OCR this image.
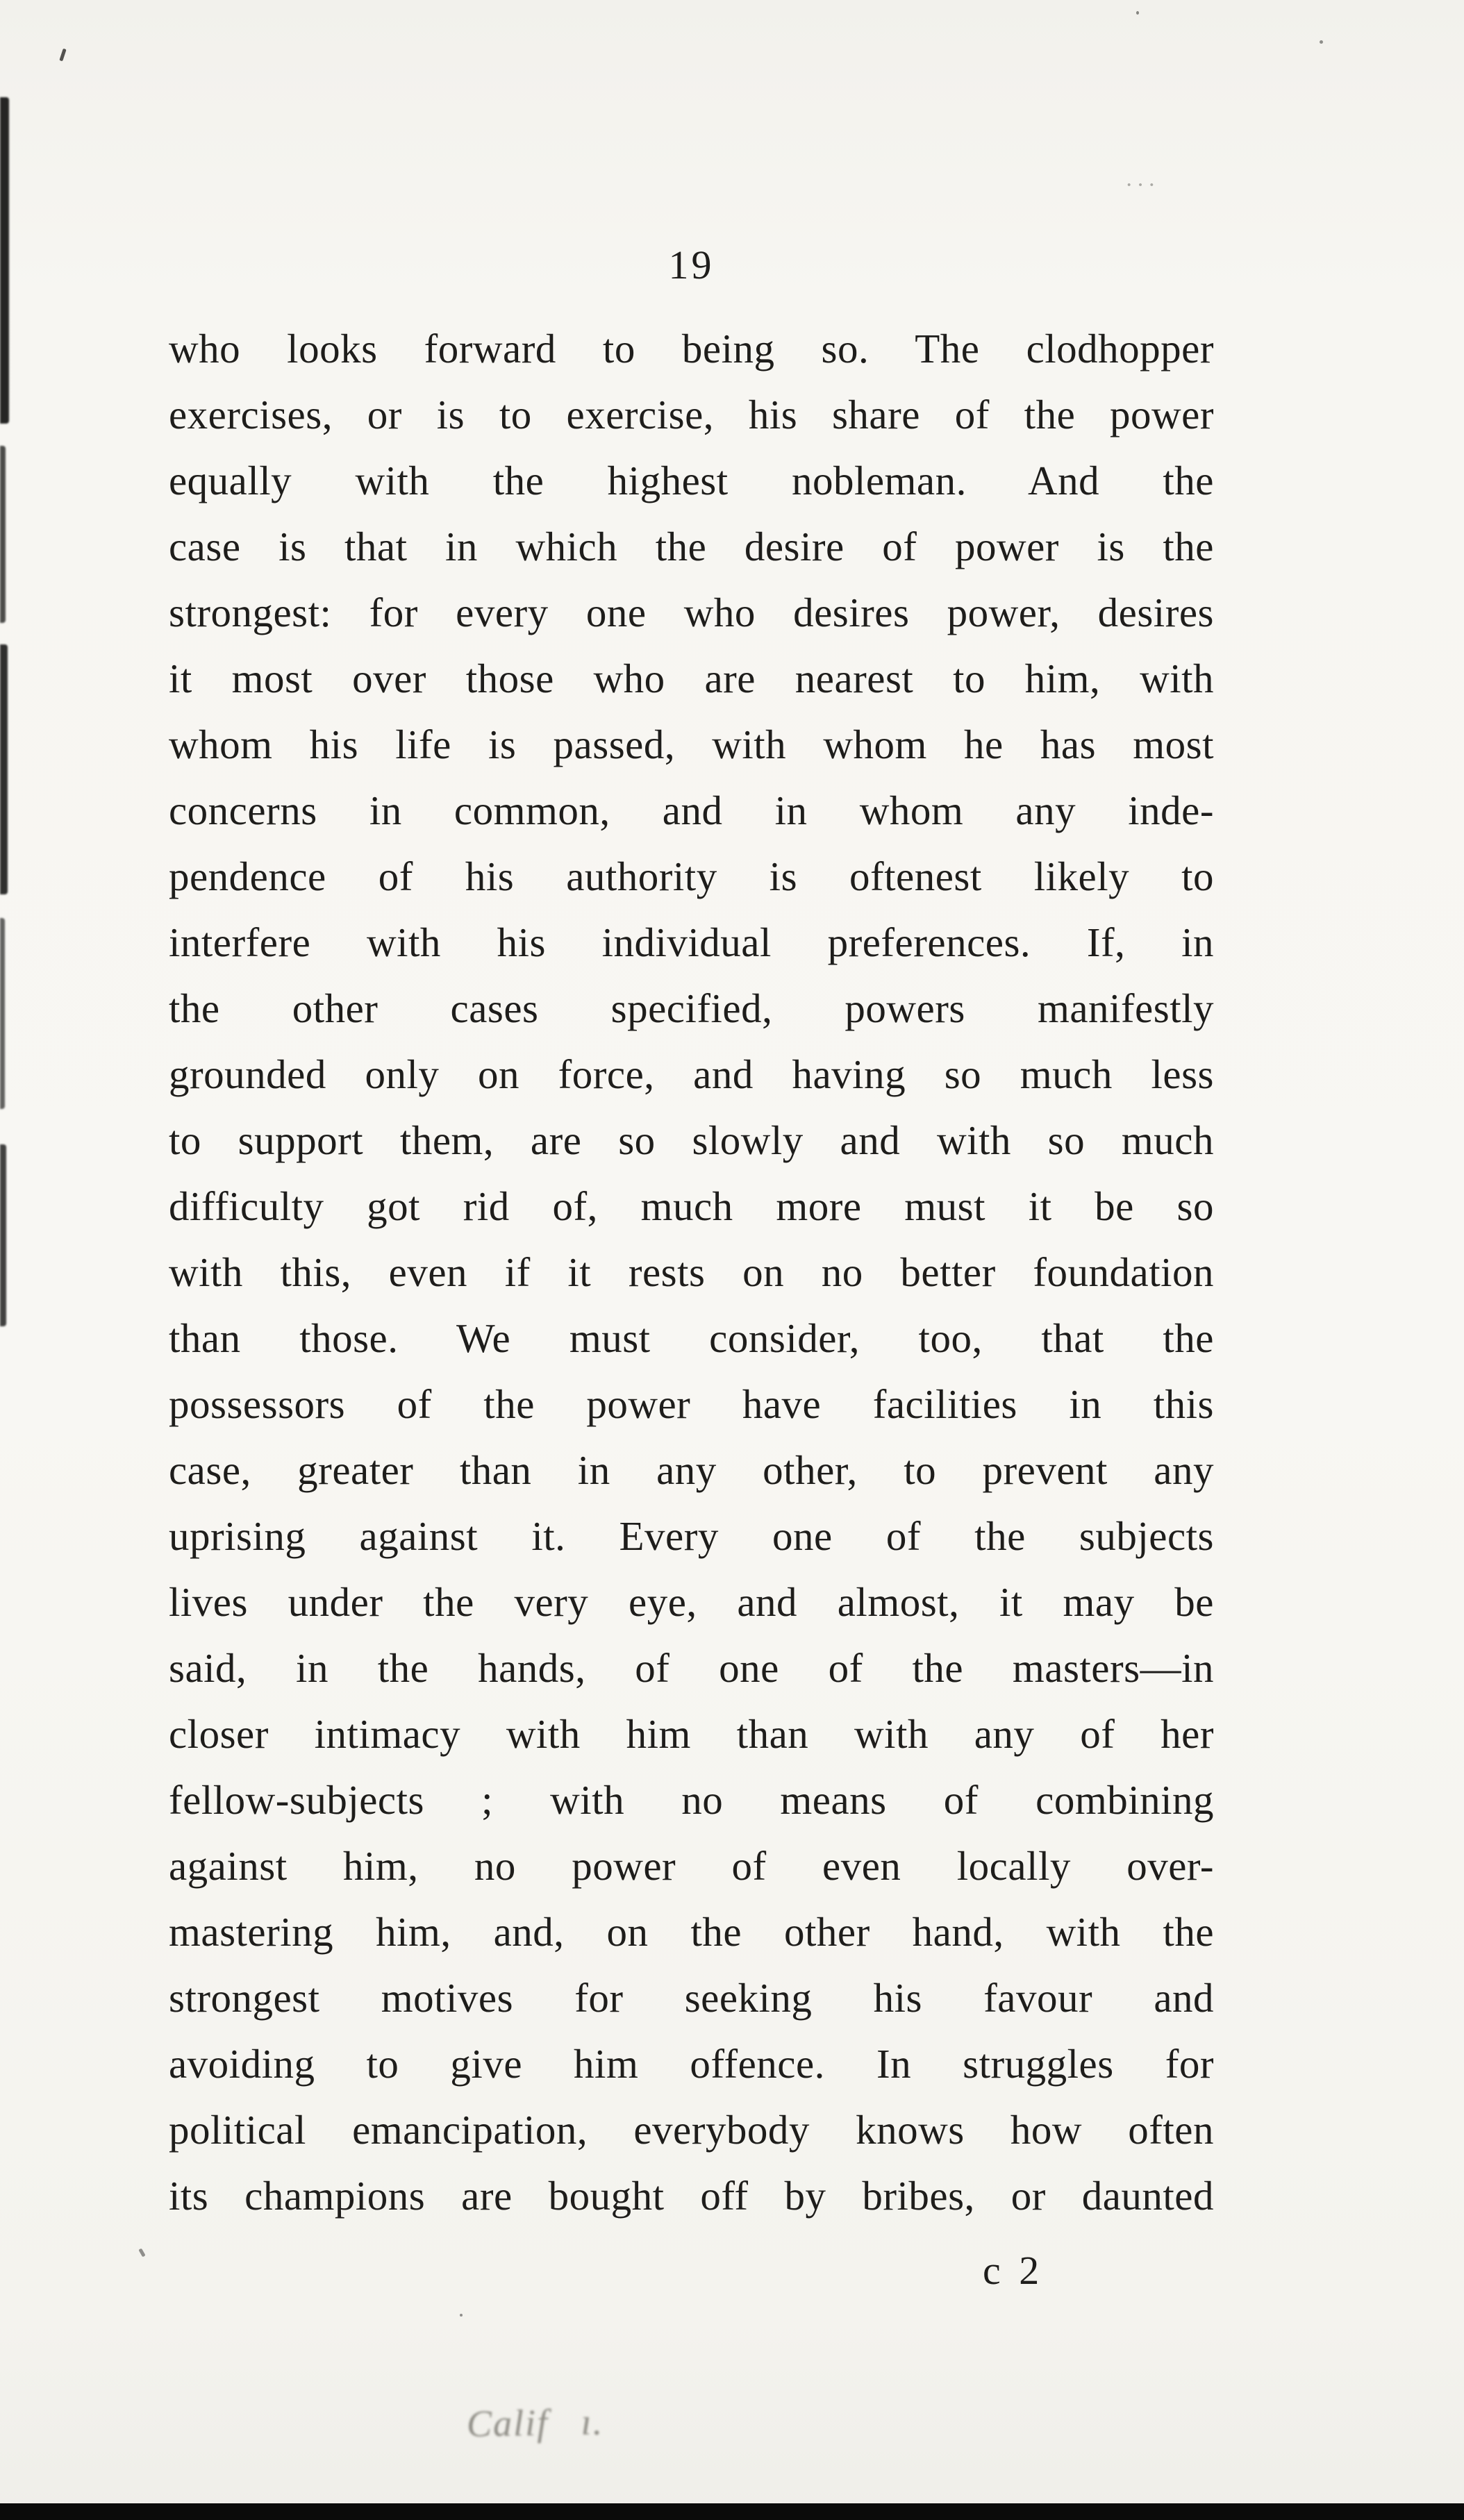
19

who looks forward to being so. The clodhopper

exercises, or is to exercise, his share of the power

equally with the highest nobleman. And the

case is that in which the desire of power is the

strongest: for every one who desires power, desires

it most over those who are nearest to him, with

whom his life is passed, with whom he has most

concerns in common, and in whom any inde-

pendence of his authority is oftenest likely to

interfere with his individual preferences. If, in

the other cases specified, powers manifestly

grounded only on force, and having so much less

to support them, are so slowly and with so much

difficulty got rid of, much more must it be so

with this, even if it rests on no better foundation

than those. We must consider, too, that the

possessors of the power have facilities in this

case, greater than in any other, to prevent any

uprising against it. Every one of the subjects

lives under the very eye, and almost, it may be

said, in the hands, of one of the masters—in

closer intimacy with him than with any of her

fellow-subjects ; with no means of combining

against him, no power of even locally over-

mastering him, and, on the other hand, with the

strongest motives for seeking his favour and

avoiding to give him offence. In struggles for

political emancipation, everybody knows how often

its champions are bought off by bribes, or daunted

c 2
Calif   ı.
···
